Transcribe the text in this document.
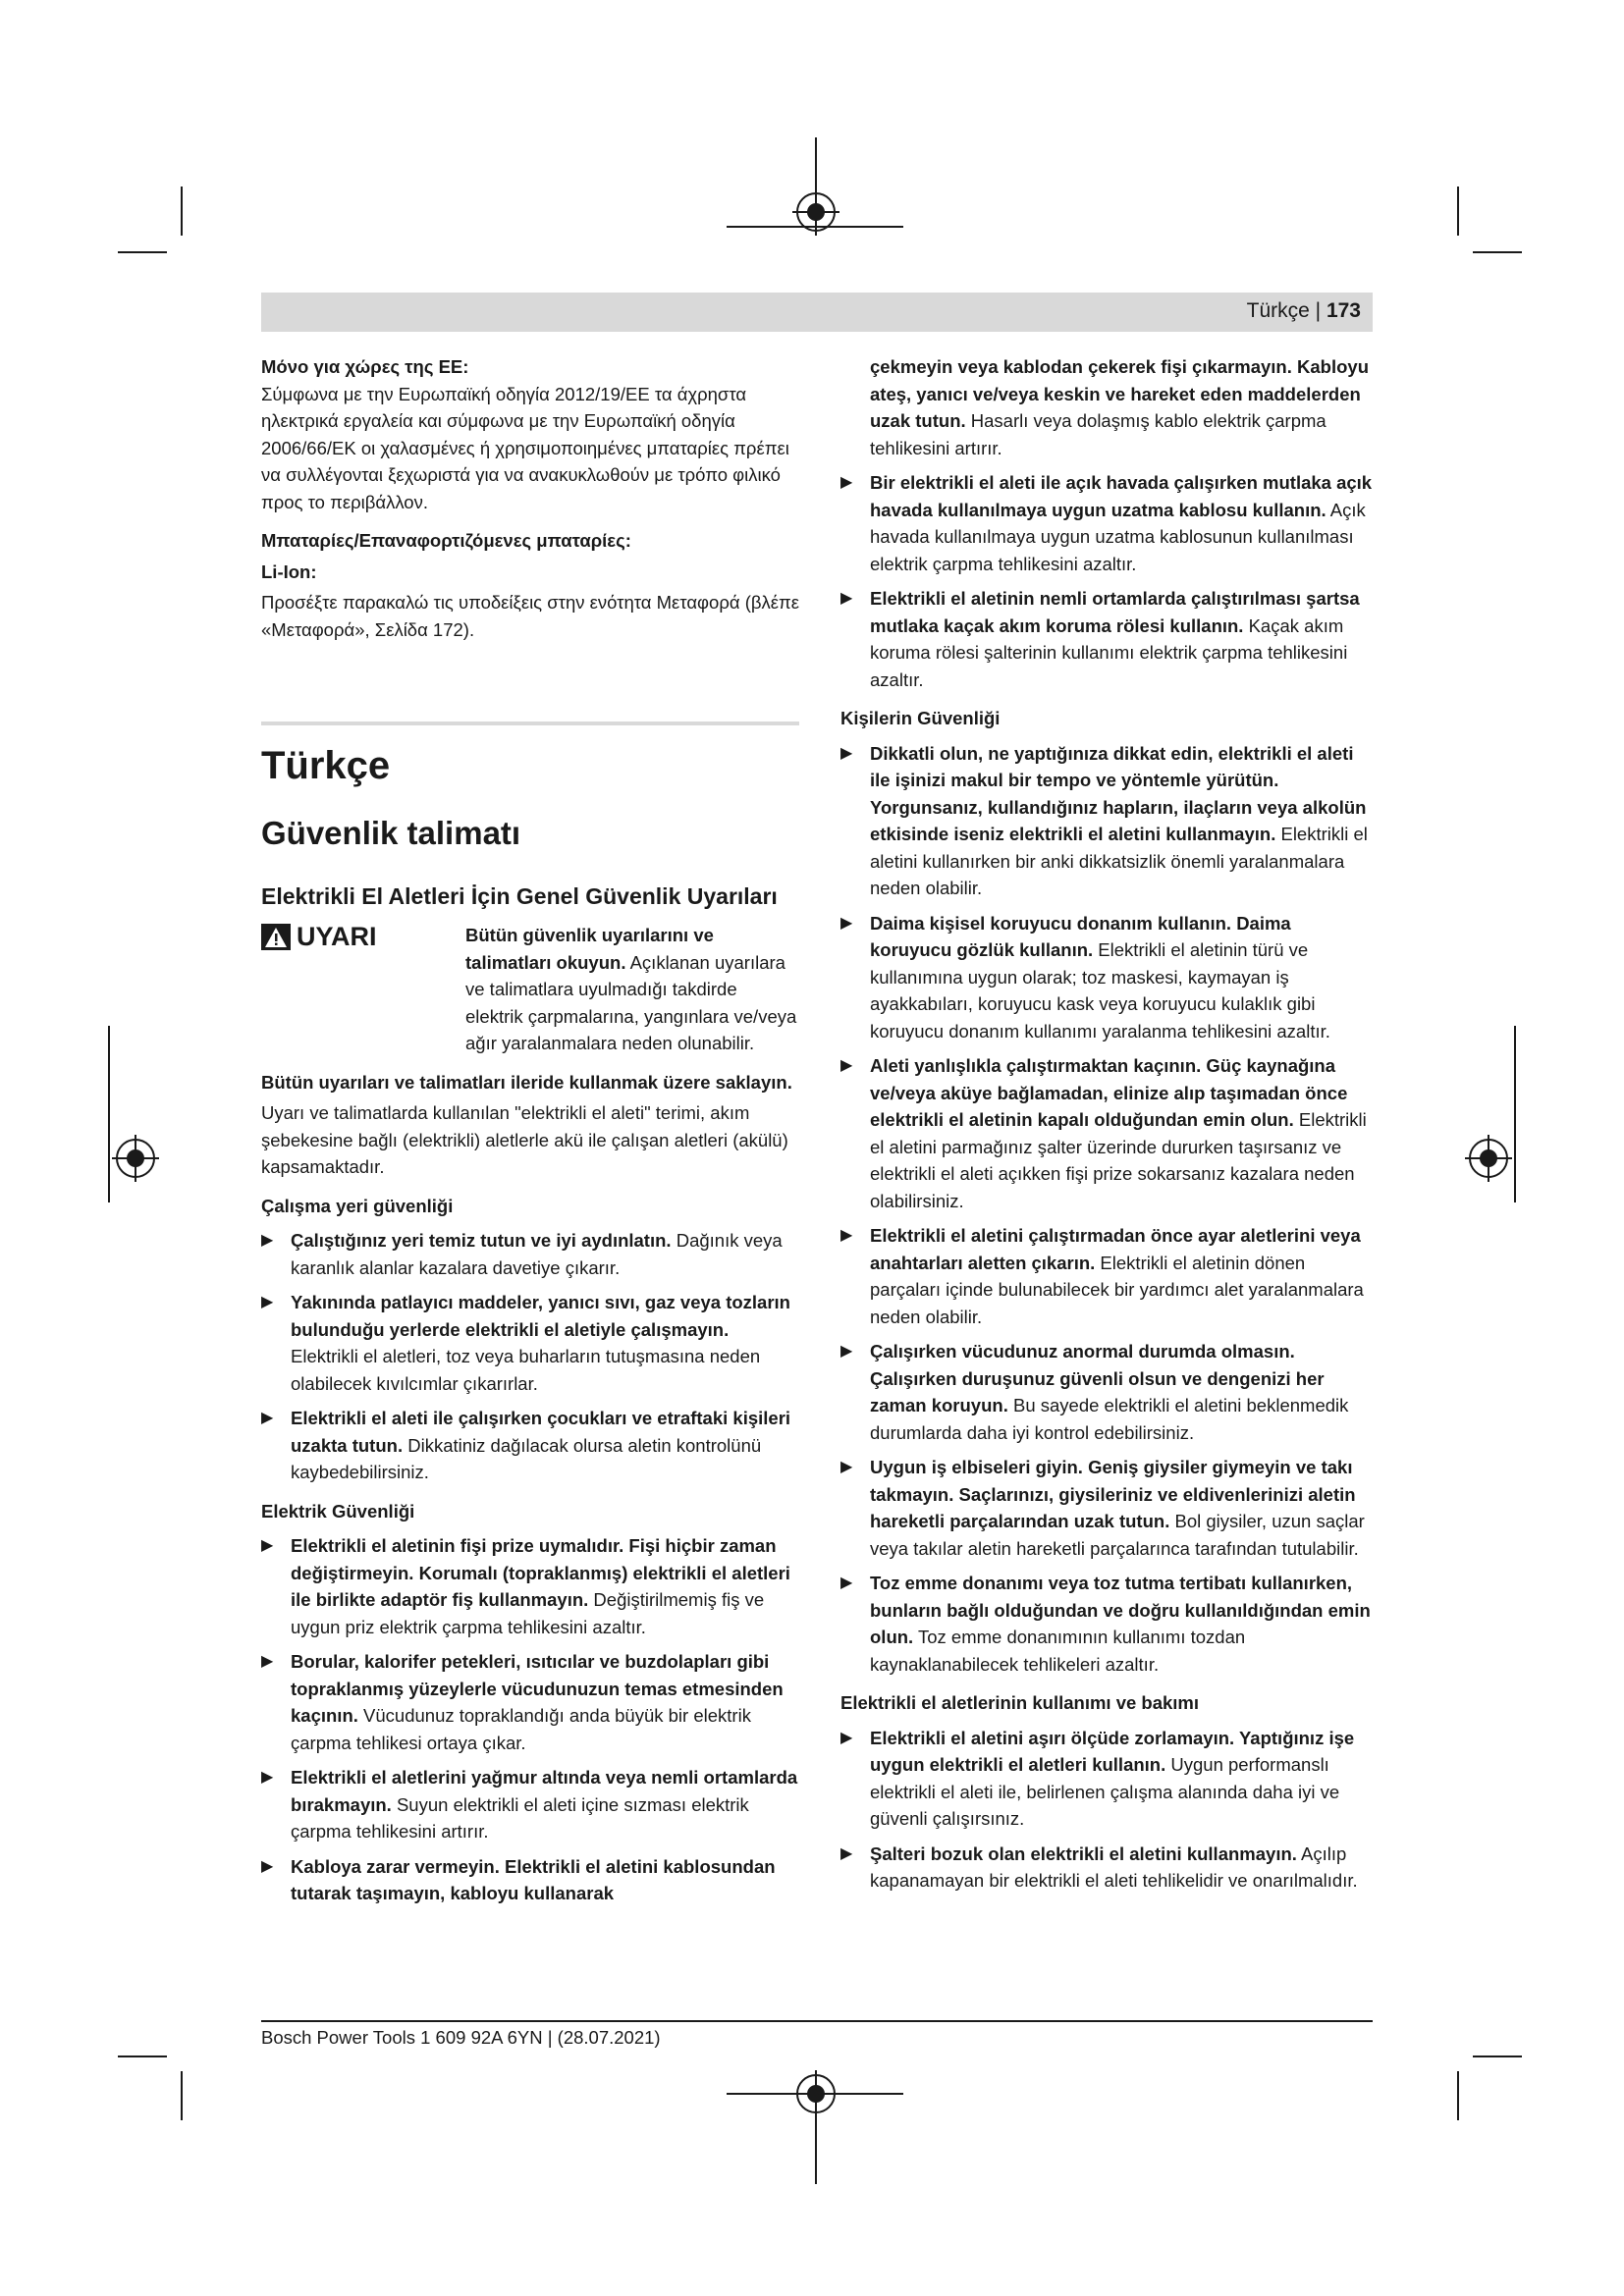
Türkçe | 173

Μόνο για χώρες της ΕΕ:

Σύμφωνα με την Ευρωπαϊκή οδηγία 2012/19/ΕΕ τα άχρηστα ηλεκτρικά εργαλεία και σύμφωνα με την Ευρωπαϊκή οδηγία 2006/66/ΕΚ οι χαλασμένες ή χρησιμοποιημένες μπαταρίες πρέπει να συλλέγονται ξεχωριστά για να ανακυκλωθούν με τρόπο φιλικό προς το περιβάλλον.

Μπαταρίες/Επαναφορτιζόμενες μπαταρίες:

Li-Ion:

Προσέξτε παρακαλώ τις υποδείξεις στην ενότητα Μεταφορά (βλέπε «Μεταφορά», Σελίδα 172).

Türkçe

Güvenlik talimatı

Elektrikli El Aletleri İçin Genel Güvenlik Uyarıları

UYARI	Bütün güvenlik uyarılarını ve talimatları okuyun. Açıklanan uyarılara ve talimatlara uyulmadığı takdirde elektrik çarpmalarına, yangınlara ve/veya ağır yaralanmalara neden olunabilir.

Bütün uyarıları ve talimatları ileride kullanmak üzere saklayın.

Uyarı ve talimatlarda kullanılan "elektrikli el aleti" terimi, akım şebekesine bağlı (elektrikli) aletlerle akü ile çalışan aletleri (akülü) kapsamaktadır.

Çalışma yeri güvenliği

▶ Çalıştığınız yeri temiz tutun ve iyi aydınlatın. Dağınık veya karanlık alanlar kazalara davetiye çıkarır.
▶ Yakınında patlayıcı maddeler, yanıcı sıvı, gaz veya tozların bulunduğu yerlerde elektrikli el aletiyle çalışmayın. Elektrikli el aletleri, toz veya buharların tutuşmasına neden olabilecek kıvılcımlar çıkarırlar.
▶ Elektrikli el aleti ile çalışırken çocukları ve etraftaki kişileri uzakta tutun. Dikkatiniz dağılacak olursa aletin kontrolünü kaybedebilirsiniz.

Elektrik Güvenliği

▶ Elektrikli el aletinin fişi prize uymalıdır. Fişi hiçbir zaman değiştirmeyin. Korumalı (topraklanmış) elektrikli el aletleri ile birlikte adaptör fiş kullanmayın. Değiştirilmemiş fiş ve uygun priz elektrik çarpma tehlikesini azaltır.
▶ Borular, kalorifer petekleri, ısıtıcılar ve buzdolapları gibi topraklanmış yüzeylerle vücudunuzun temas etmesinden kaçının. Vücudunuz topraklandığı anda büyük bir elektrik çarpma tehlikesi ortaya çıkar.
▶ Elektrikli el aletlerini yağmur altında veya nemli ortamlarda bırakmayın. Suyun elektrikli el aleti içine sızması elektrik çarpma tehlikesini artırır.
▶ Kabloya zarar vermeyin. Elektrikli el aletini kablosundan tutarak taşımayın, kabloyu kullanarak

çekmeyin veya kablodan çekerek fişi çıkarmayın. Kabloyu ateş, yanıcı ve/veya keskin ve hareket eden maddelerden uzak tutun. Hasarlı veya dolaşmış kablo elektrik çarpma tehlikesini artırır.

▶ Bir elektrikli el aleti ile açık havada çalışırken mutlaka açık havada kullanılmaya uygun uzatma kablosu kullanın. Açık havada kullanılmaya uygun uzatma kablosunun kullanılması elektrik çarpma tehlikesini azaltır.
▶ Elektrikli el aletinin nemli ortamlarda çalıştırılması şartsa mutlaka kaçak akım koruma rölesi kullanın. Kaçak akım koruma rölesi şalterinin kullanımı elektrik çarpma tehlikesini azaltır.

Kişilerin Güvenliği

▶ Dikkatli olun, ne yaptığınıza dikkat edin, elektrikli el aleti ile işinizi makul bir tempo ve yöntemle yürütün. Yorgunsanız, kullandığınız hapların, ilaçların veya alkolün etkisinde iseniz elektrikli el aletini kullanmayın. Elektrikli el aletini kullanırken bir anki dikkatsizlik önemli yaralanmalara neden olabilir.
▶ Daima kişisel koruyucu donanım kullanın. Daima koruyucu gözlük kullanın. Elektrikli el aletinin türü ve kullanımına uygun olarak; toz maskesi, kaymayan iş ayakkabıları, koruyucu kask veya koruyucu kulaklık gibi koruyucu donanım kullanımı yaralanma tehlikesini azaltır.
▶ Aleti yanlışlıkla çalıştırmaktan kaçının. Güç kaynağına ve/veya aküye bağlamadan, elinize alıp taşımadan önce elektrikli el aletinin kapalı olduğundan emin olun. Elektrikli el aletini parmağınız şalter üzerinde dururken taşırsanız ve elektrikli el aleti açıkken fişi prize sokarsanız kazalara neden olabilirsiniz.
▶ Elektrikli el aletini çalıştırmadan önce ayar aletlerini veya anahtarları aletten çıkarın. Elektrikli el aletinin dönen parçaları içinde bulunabilecek bir yardımcı alet yaralanmalara neden olabilir.
▶ Çalışırken vücudunuz anormal durumda olmasın. Çalışırken duruşunuz güvenli olsun ve dengenizi her zaman koruyun. Bu sayede elektrikli el aletini beklenmedik durumlarda daha iyi kontrol edebilirsiniz.
▶ Uygun iş elbiseleri giyin. Geniş giysiler giymeyin ve takı takmayın. Saçlarınızı, giysileriniz ve eldivenlerinizi aletin hareketli parçalarından uzak tutun. Bol giysiler, uzun saçlar veya takılar aletin hareketli parçalarınca tarafından tutulabilir.
▶ Toz emme donanımı veya toz tutma tertibatı kullanırken, bunların bağlı olduğundan ve doğru kullanıldığından emin olun. Toz emme donanımının kullanımı tozdan kaynaklanabilecek tehlikeleri azaltır.

Elektrikli el aletlerinin kullanımı ve bakımı

▶ Elektrikli el aletini aşırı ölçüde zorlamayın. Yaptığınız işe uygun elektrikli el aletleri kullanın. Uygun performanslı elektrikli el aleti ile, belirlenen çalışma alanında daha iyi ve güvenli çalışırsınız.
▶ Şalteri bozuk olan elektrikli el aletini kullanmayın. Açılıp kapanamayan bir elektrikli el aleti tehlikelidir ve onarılmalıdır.
Bosch Power Tools 1 609 92A 6YN | (28.07.2021)
